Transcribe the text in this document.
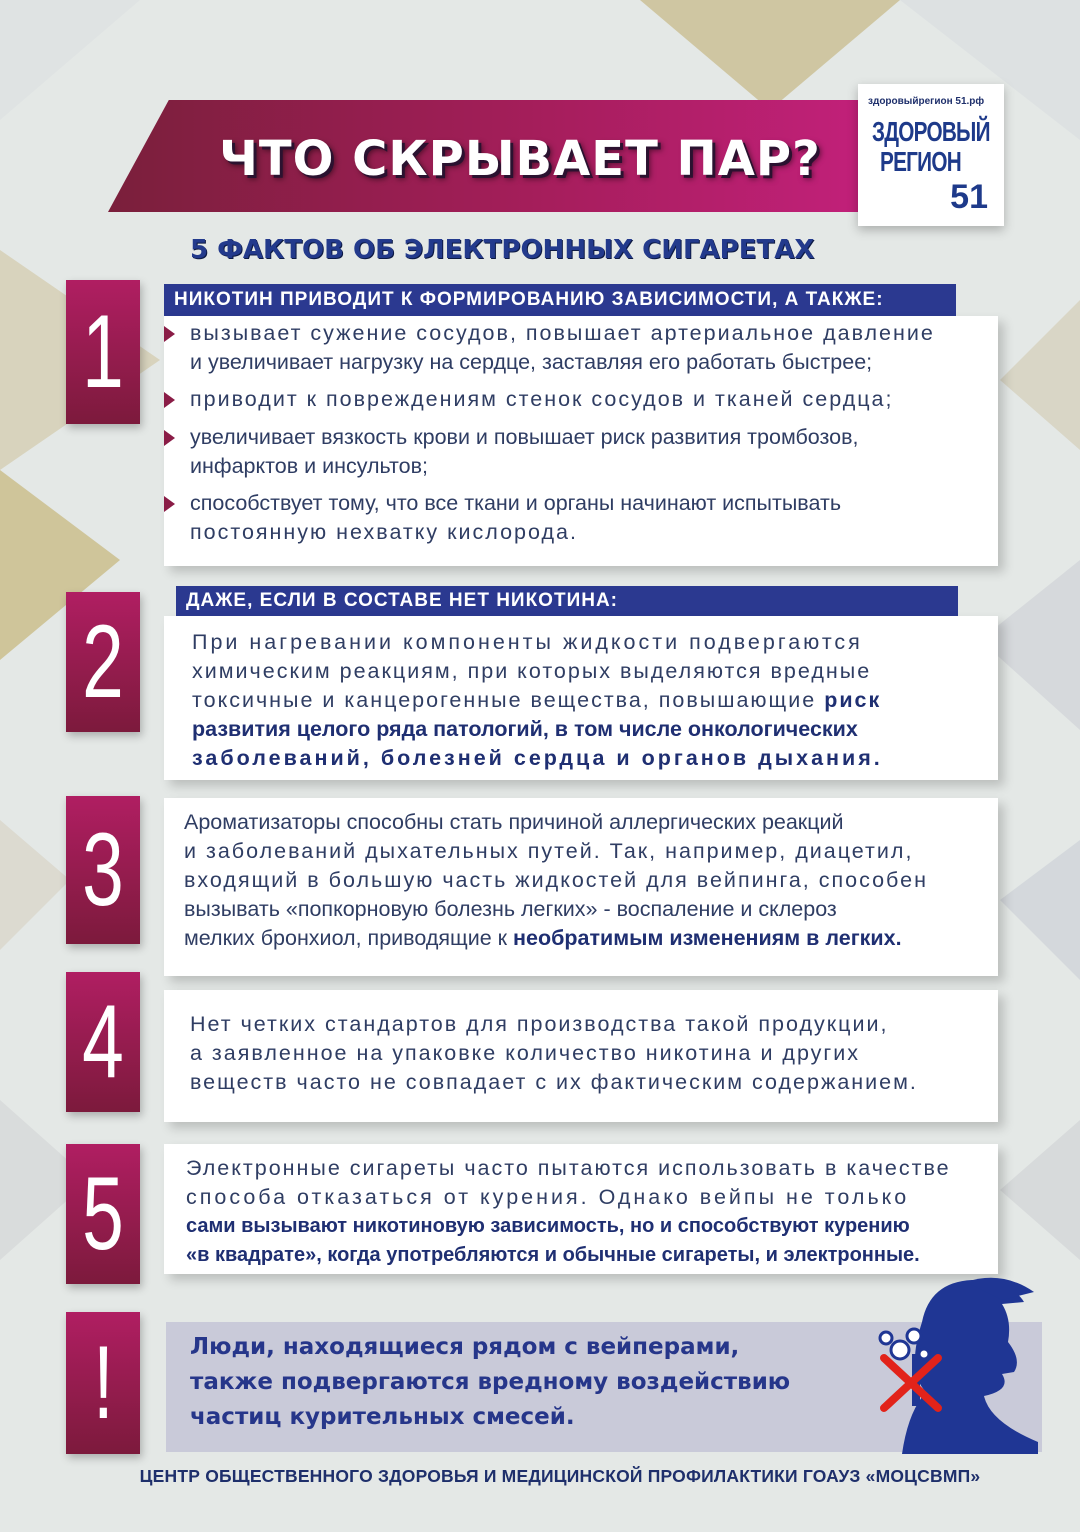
ЧТО СКРЫВАЕТ ПАР?
здоровыйрегион 51.рф
ЗДОРОВЫЙ
РЕГИОН
51
5 ФАКТОВ ОБ ЭЛЕКТРОННЫХ СИГАРЕТАХ
1	НИКОТИН ПРИВОДИТ К ФОРМИРОВАНИЮ ЗАВИСИМОСТИ, А ТАКЖЕ:
вызывает сужение сосудов, повышает артериальное давление
и увеличивает нагрузку на сердце, заставляя его работать быстрее;
приводит к повреждениям стенок сосудов и тканей сердца;
увеличивает вязкость крови и повышает риск развития тромбозов,
инфарктов и инсультов;
способствует тому, что все ткани и органы начинают испытывать
постоянную нехватку кислорода.
2
ДАЖЕ, ЕСЛИ В СОСТАВЕ НЕТ НИКОТИНА:
При нагревании компоненты жидкости подвергаются
химическим реакциям, при которых выделяются вредные
токсичные и канцерогенные вещества, повышающие риск
развития целого ряда патологий, в том числе онкологических
заболеваний, болезней сердца и органов дыхания.
3	Ароматизаторы способны стать причиной аллергических реакций
и заболеваний дыхательных путей. Так, например, диацетил,
входящий в большую часть жидкостей для вейпинга, способен
вызывать «попкорновую болезнь легких» - воспаление и склероз
мелких бронхиол, приводящие к необратимым изменениям в легких.
4	Нет четких стандартов для производства такой продукции,
а заявленное на упаковке количество никотина и других
веществ часто не совпадает с их фактическим содержанием.
5	Электронные сигареты часто пытаются использовать в качестве
способа отказаться от курения. Однако вейпы не только
сами вызывают никотиновую зависимость, но и способствуют курению
«в квадрате», когда употребляются и обычные сигареты, и электронные.
!	Люди, находящиеся рядом с вейперами,
также подвергаются вредному воздействию
частиц курительных смесей.
ЦЕНТР ОБЩЕСТВЕННОГО ЗДОРОВЬЯ И МЕДИЦИНСКОЙ ПРОФИЛАКТИКИ ГОАУЗ «МОЦСВМП»
